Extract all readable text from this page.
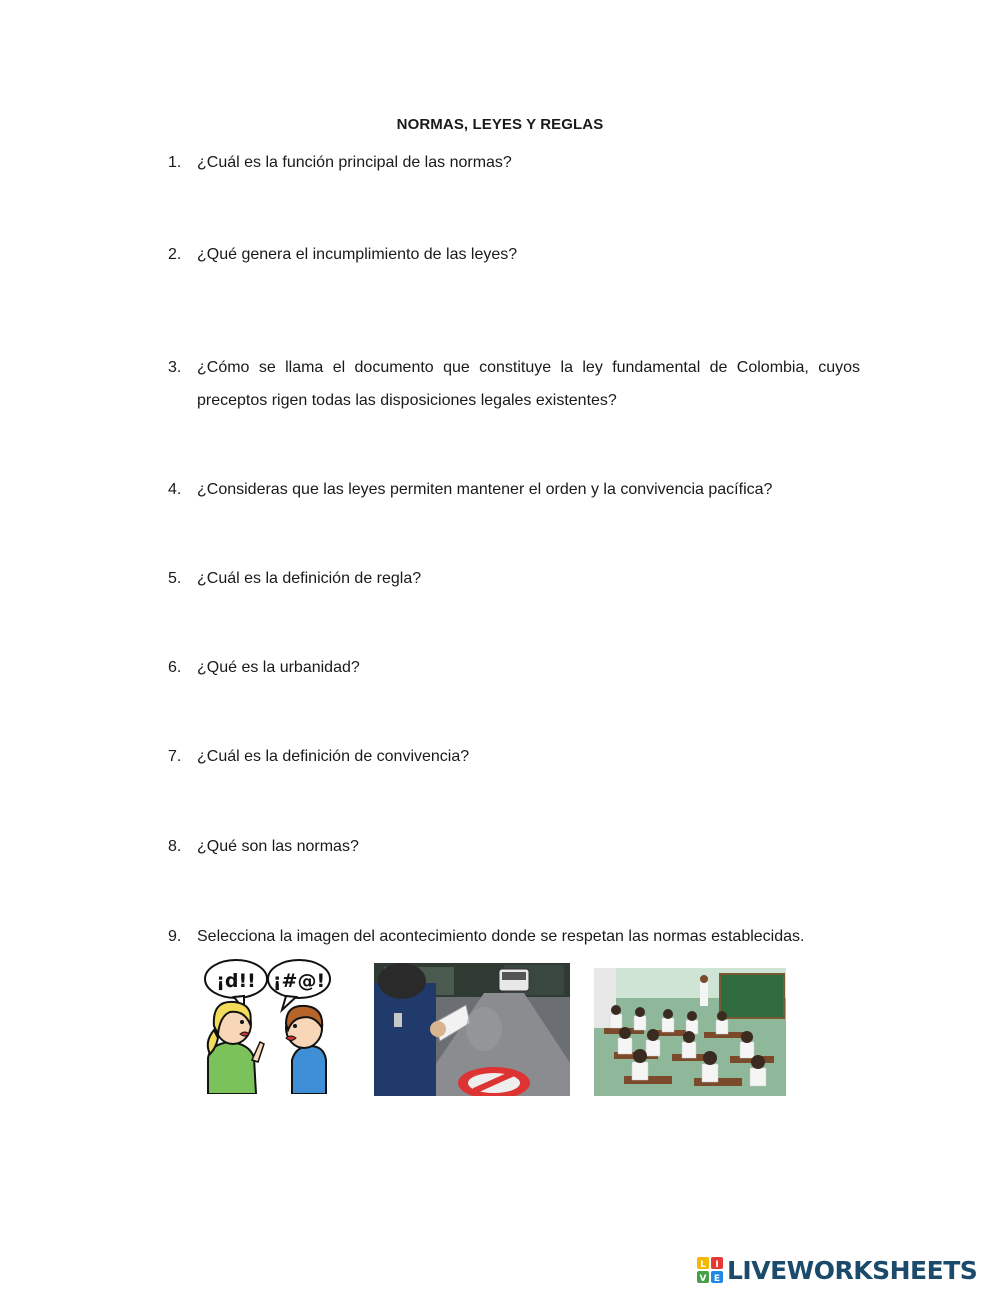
NORMAS, LEYES Y REGLAS
1. ¿Cuál es la función principal de las normas?
2. ¿Qué genera el incumplimiento de las leyes?
3. ¿Cómo se llama el documento que constituye la ley fundamental de Colombia, cuyos preceptos rigen todas las disposiciones legales existentes?
4. ¿Consideras que las leyes permiten mantener el orden y la convivencia pacífica?
5. ¿Cuál es la definición de regla?
6. ¿Qué es la urbanidad?
7. ¿Cuál es la definición de convivencia?
8. ¿Qué son las normas?
9. Selecciona la imagen del acontecimiento donde se respetan las normas establecidas.
¡d!! ¡#@!
L I
V E LIVEWORKSHEETS
